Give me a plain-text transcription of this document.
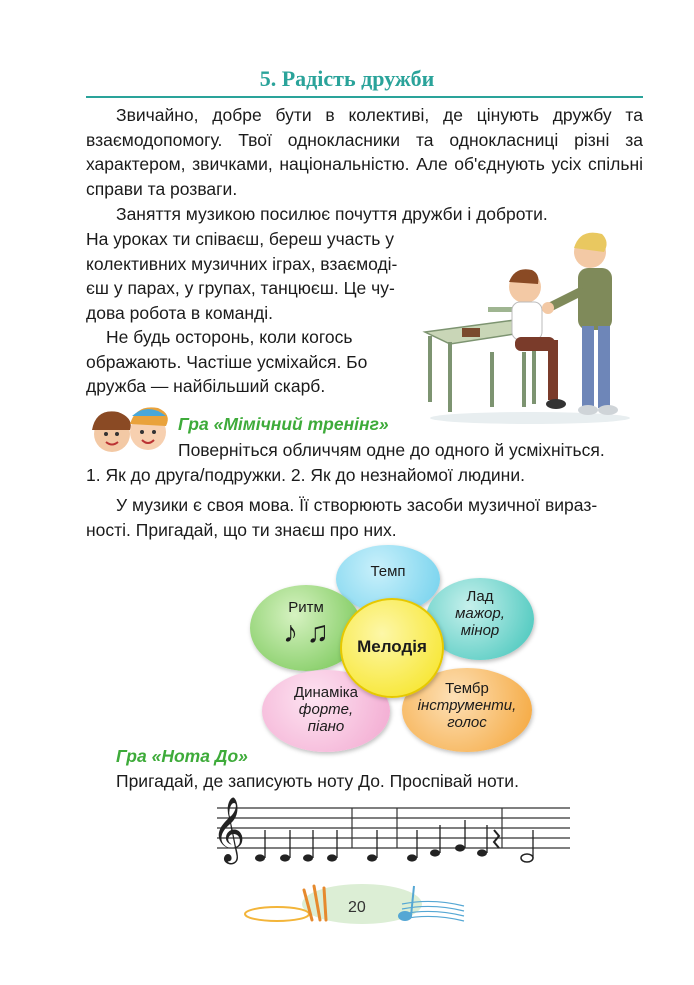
5. Радість дружби

Звичайно, добре бути в колективі, де цінують дружбу та взаємодопомогу. Твої однокласники та однокласниці різні за характером, звичками, національністю. Але об'єднують усіх спільні справи та розваги.

Заняття музикою посилює почуття дружби і доброти.

На уроках ти співаєш, береш участь у
колективних музичних іграх, взаємоді-
єш у парах, у групах, танцюєш. Це чу-
дова робота в команді.
Не будь осторонь, коли когось
ображають. Частіше усміхайся. Бо
дружба — найбільший скарб.
Гра «Мімічний тренінг»
Поверніться обличчям одне до одного й усміхніться.
1. Як до друга/подружки. 2. Як до незнайомої людини.
У музики є своя мова. Її створюють засоби музичної вираз-
ності. Пригадай, що ти знаєш про них.
Темп
Ритм
♪ ♫
Лад
мажор,
мінор
Динаміка
форте,
піано
Тембр
інструменти,
голос
Мелодія
Гра «Нота До»
Пригадай, де записують ноту До. Проспівай ноти.
𝄞
20
